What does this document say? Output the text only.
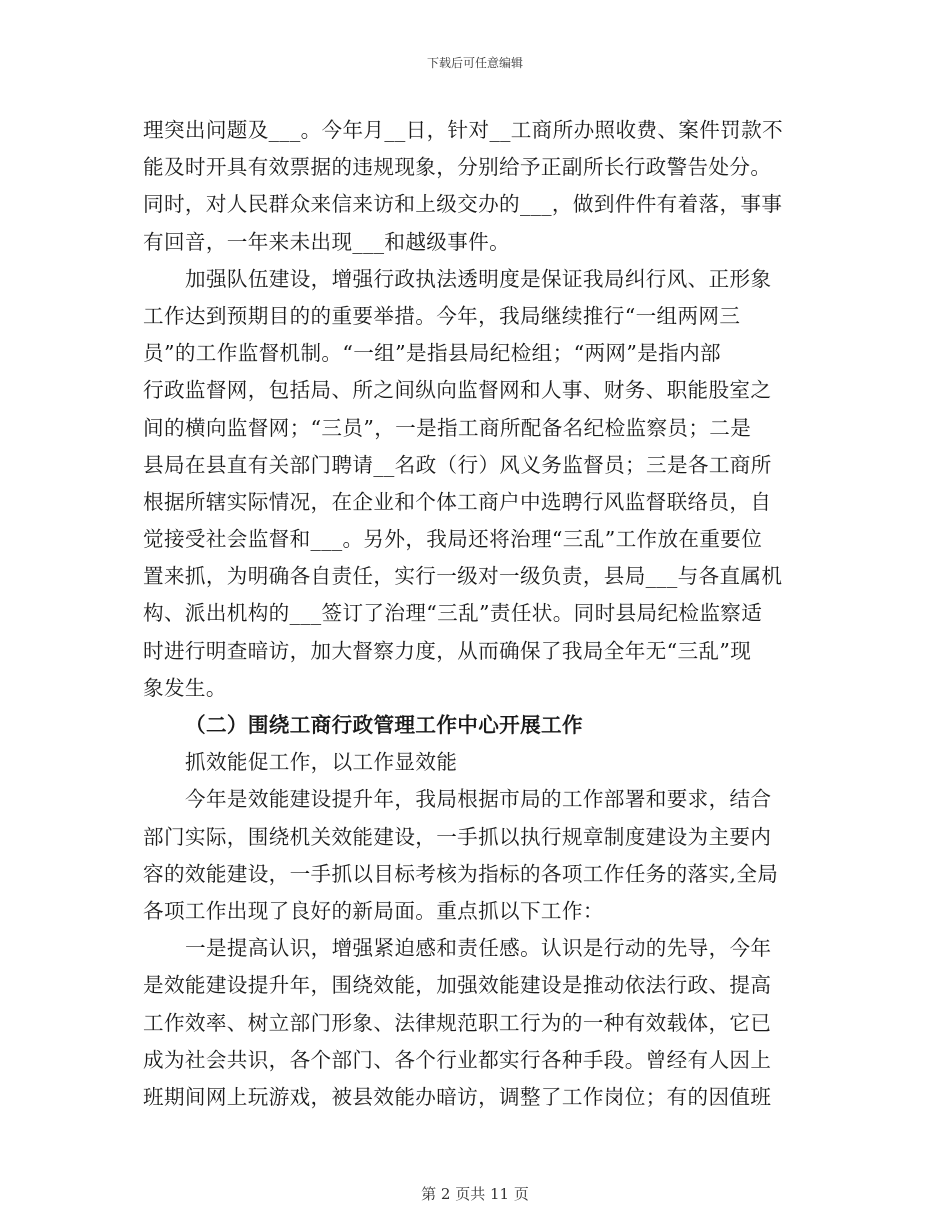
下载后可任意编辑
理突出问题及___。今年月__日，针对__工商所办照收费、案件罚款不
能及时开具有效票据的违规现象，分别给予正副所长行政警告处分。
同时，对人民群众来信来访和上级交办的___，做到件件有着落，事事
有回音，一年来未出现___和越级事件。
加强队伍建设，增强行政执法透明度是保证我局纠行风、正形象
工作达到预期目的的重要举措。今年，我局继续推行“一组两网三
员”的工作监督机制。“一组”是指县局纪检组；“两网”是指内部
行政监督网，包括局、所之间纵向监督网和人事、财务、职能股室之
间的横向监督网；“三员”，一是指工商所配备名纪检监察员；二是
县局在县直有关部门聘请__名政（行）风义务监督员；三是各工商所
根据所辖实际情况，在企业和个体工商户中选聘行风监督联络员，自
觉接受社会监督和___。另外，我局还将治理“三乱”工作放在重要位
置来抓，为明确各自责任，实行一级对一级负责，县局___与各直属机
构、派出机构的___签订了治理“三乱”责任状。同时县局纪检监察适
时进行明查暗访，加大督察力度，从而确保了我局全年无“三乱”现
象发生。
（二）围绕工商行政管理工作中心开展工作
抓效能促工作，以工作显效能
今年是效能建设提升年，我局根据市局的工作部署和要求，结合
部门实际，围绕机关效能建设，一手抓以执行规章制度建设为主要内
容的效能建设，一手抓以目标考核为指标的各项工作任务的落实,全局
各项工作出现了良好的新局面。重点抓以下工作：
一是提高认识，增强紧迫感和责任感。认识是行动的先导，今年
是效能建设提升年，围绕效能，加强效能建设是推动依法行政、提高
工作效率、树立部门形象、法律规范职工行为的一种有效载体，它已
成为社会共识，各个部门、各个行业都实行各种手段。曾经有人因上
班期间网上玩游戏，被县效能办暗访，调整了工作岗位；有的因值班
第 2 页共 11 页
